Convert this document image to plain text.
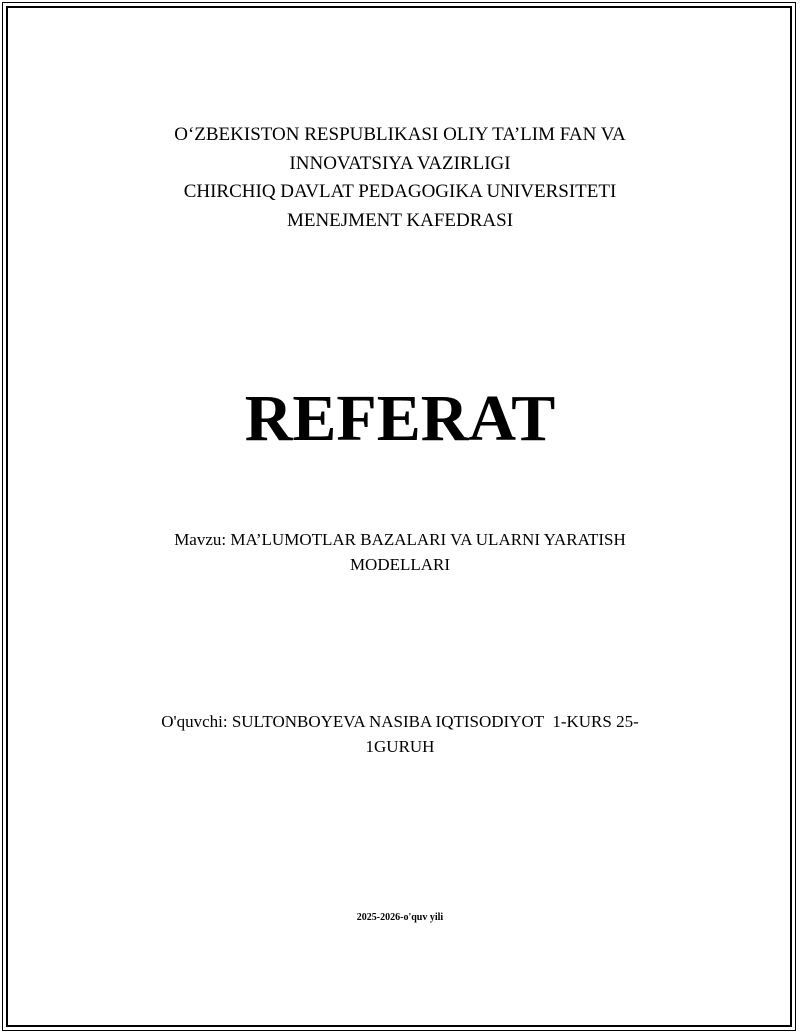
O‘ZBEKISTON RESPUBLIKASI OLIY TA’LIM FAN VA
INNOVATSIYA VAZIRLIGI
CHIRCHIQ DAVLAT PEDAGOGIKA UNIVERSITETI
MENEJMENT KAFEDRASI
REFERAT
Mavzu: MA’LUMOTLAR BAZALARI VA ULARNI YARATISH
MODELLARI
O'quvchi: SULTONBOYEVA NASIBA IQTISODIYOT  1-KURS 25-
1GURUH
2025-2026-o'quv yili
